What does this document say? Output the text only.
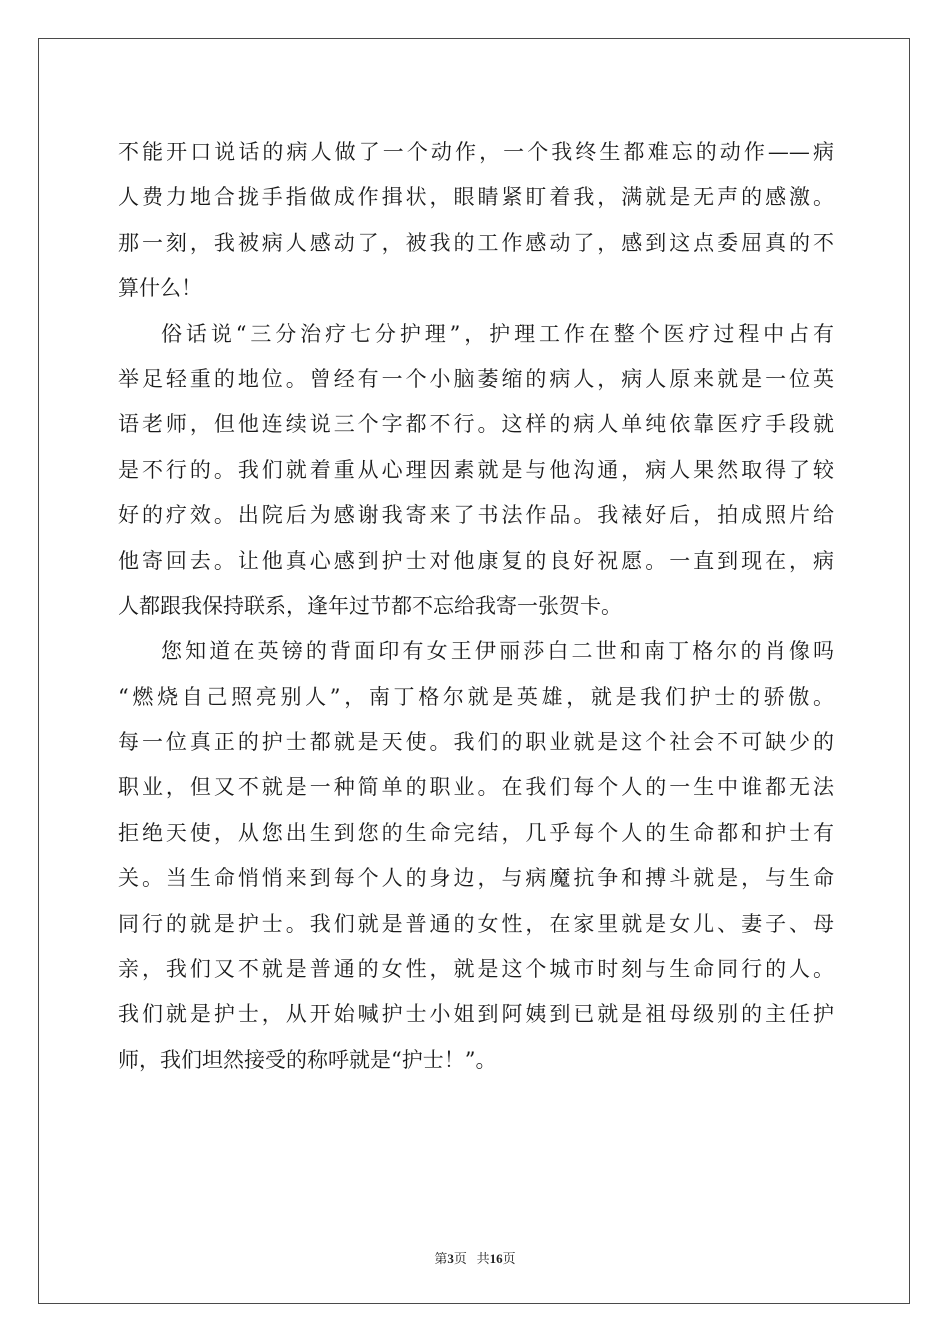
不能开口说话的病人做了一个动作，一个我终生都难忘的动作——病
人费力地合拢手指做成作揖状，眼睛紧盯着我，满就是无声的感激。
那一刻，我被病人感动了，被我的工作感动了，感到这点委屈真的不
算什么！
俗话说“三分治疗七分护理”，护理工作在整个医疗过程中占有
举足轻重的地位。曾经有一个小脑萎缩的病人，病人原来就是一位英
语老师，但他连续说三个字都不行。这样的病人单纯依靠医疗手段就
是不行的。我们就着重从心理因素就是与他沟通，病人果然取得了较
好的疗效。出院后为感谢我寄来了书法作品。我裱好后，拍成照片给
他寄回去。让他真心感到护士对他康复的良好祝愿。一直到现在，病
人都跟我保持联系，逢年过节都不忘给我寄一张贺卡。
您知道在英镑的背面印有女王伊丽莎白二世和南丁格尔的肖像吗
“燃烧自己照亮别人”，南丁格尔就是英雄，就是我们护士的骄傲。
每一位真正的护士都就是天使。我们的职业就是这个社会不可缺少的
职业，但又不就是一种简单的职业。在我们每个人的一生中谁都无法
拒绝天使，从您出生到您的生命完结，几乎每个人的生命都和护士有
关。当生命悄悄来到每个人的身边，与病魔抗争和搏斗就是，与生命
同行的就是护士。我们就是普通的女性，在家里就是女儿、妻子、母
亲，我们又不就是普通的女性，就是这个城市时刻与生命同行的人。
我们就是护士，从开始喊护士小姐到阿姨到已就是祖母级别的主任护
师，我们坦然接受的称呼就是“护士！”。
第3页 共16页
